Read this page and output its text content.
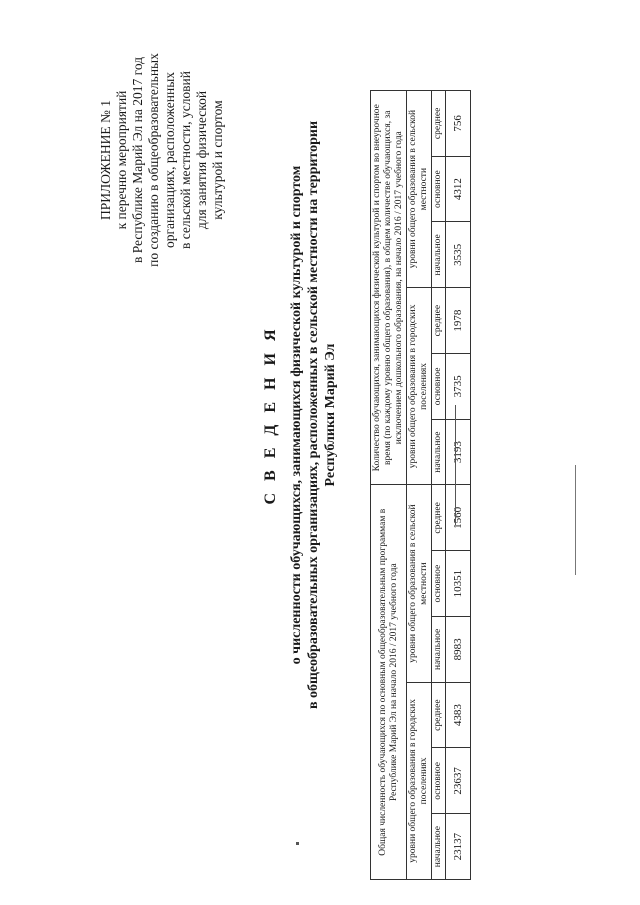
ПРИЛОЖЕНИЕ № 1 к перечню мероприятий в Республике Марий Эл на 2017 год по созданию в общеобразовательных организациях, расположенных в сельской местности, условий для занятия физической культурой и спортом
С В Е Д Е Н И Я о численности обучающихся, занимающихся физической культурой и спортом в общеобразовательных организациях, расположенных в сельской местности на территории Республики Марий Эл
Общая численность обучающихся по основным общеобразовательным программам в Республике Марий Эл на начало 2016 / 2017 учебного года						Количество обучающихся, занимающихся физической культурой и спортом во внеурочное время (по каждому уровню общего образования), в общем количестве обучающихся, за исключением дошкольного образования, на начало 2016 / 2017 учебного года					
уровни общего образования в городских поселениях			уровни общего образования в сельской местности			уровни общего образования в городских поселениях			уровни общего образования в сельской местности		
начальное	основное	среднее	начальное	основное	среднее	начальное	основное	среднее	начальное	основное	среднее
23137	23637	4383	8983	10351	1560	3193	3735	1978	3535	4312	756
